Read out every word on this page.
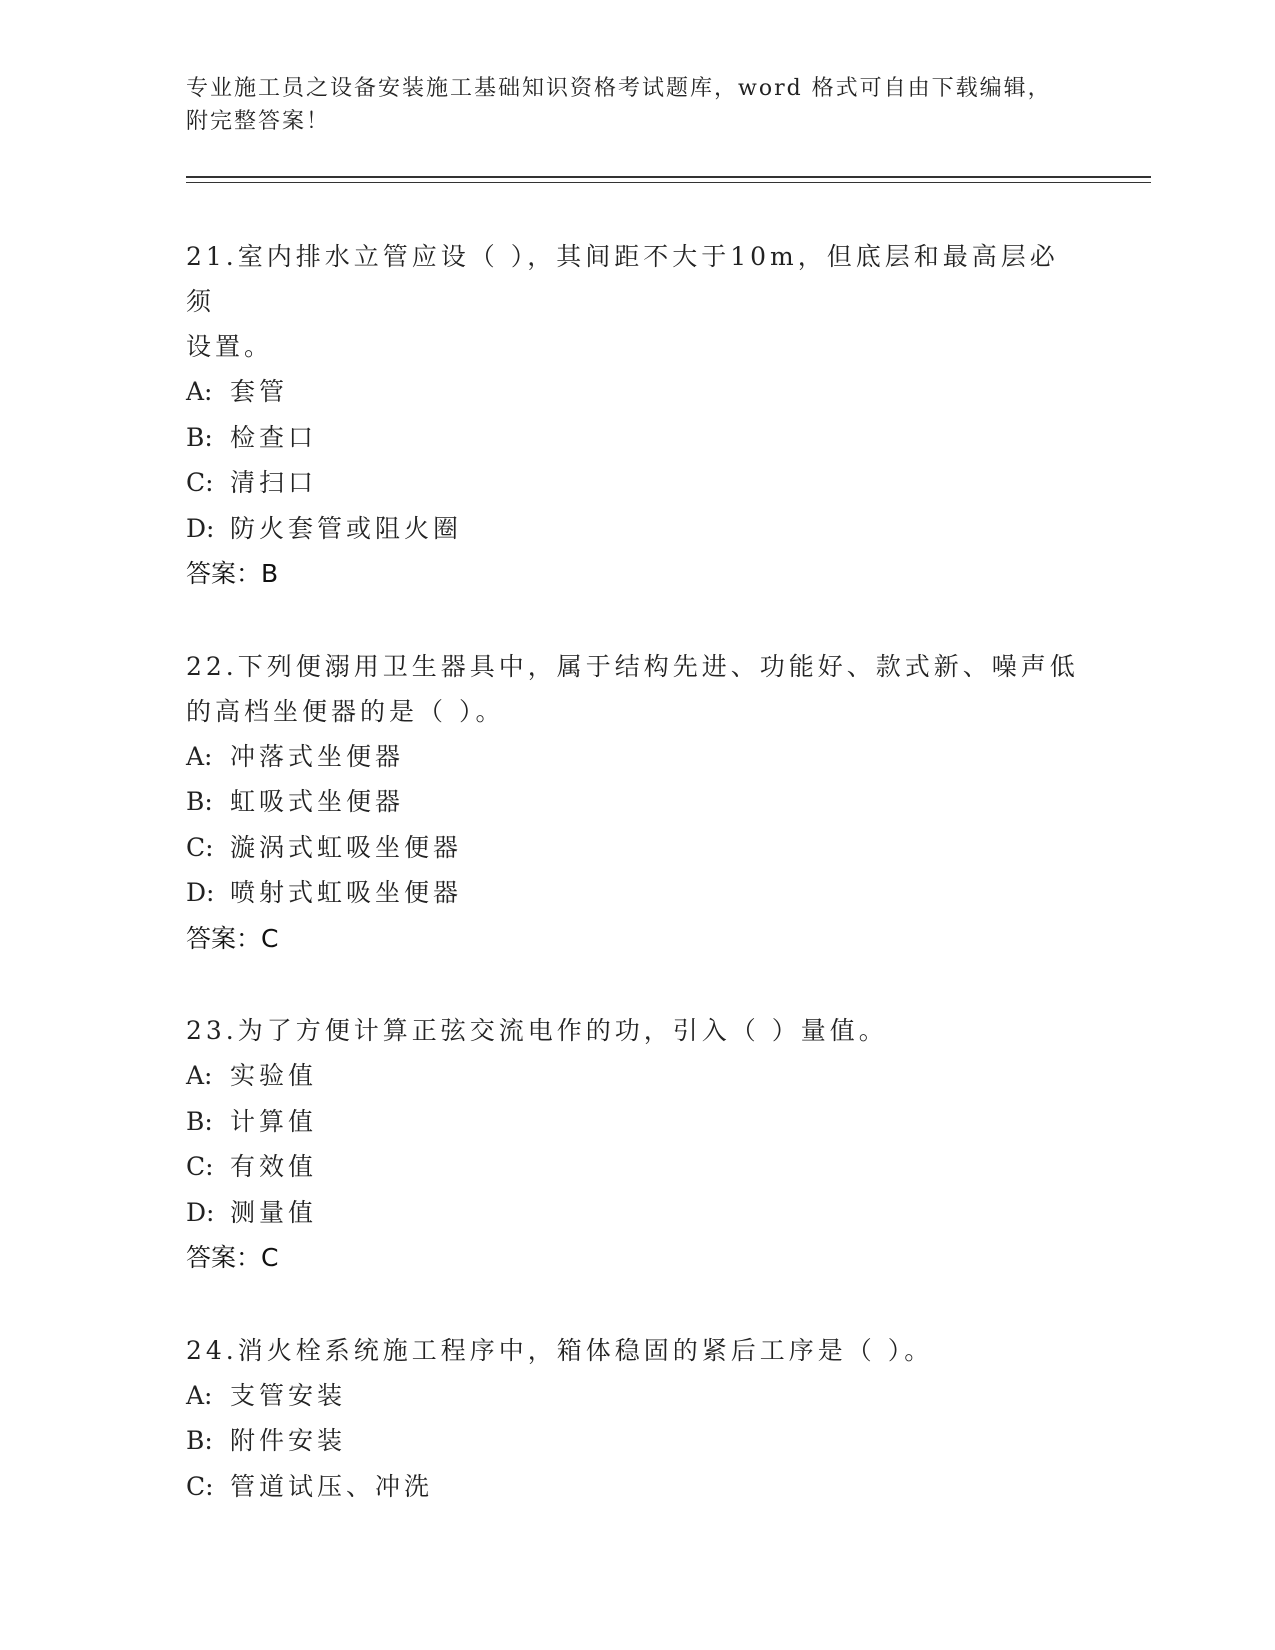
专业施工员之设备安装施工基础知识资格考试题库，word 格式可自由下载编辑，
附完整答案！
21.室内排水立管应设（ ），其间距不大于10m，但底层和最高层必须
设置。
A: 套管
B: 检查口
C: 清扫口
D: 防火套管或阻火圈
答案：B
22.下列便溺用卫生器具中，属于结构先进、功能好、款式新、噪声低
的高档坐便器的是（ ）。
A: 冲落式坐便器
B: 虹吸式坐便器
C: 漩涡式虹吸坐便器
D: 喷射式虹吸坐便器
答案：C
23.为了方便计算正弦交流电作的功，引入（ ）量值。
A: 实验值
B: 计算值
C: 有效值
D: 测量值
答案：C
24.消火栓系统施工程序中，箱体稳固的紧后工序是（ ）。
A: 支管安装
B: 附件安装
C: 管道试压、冲洗
